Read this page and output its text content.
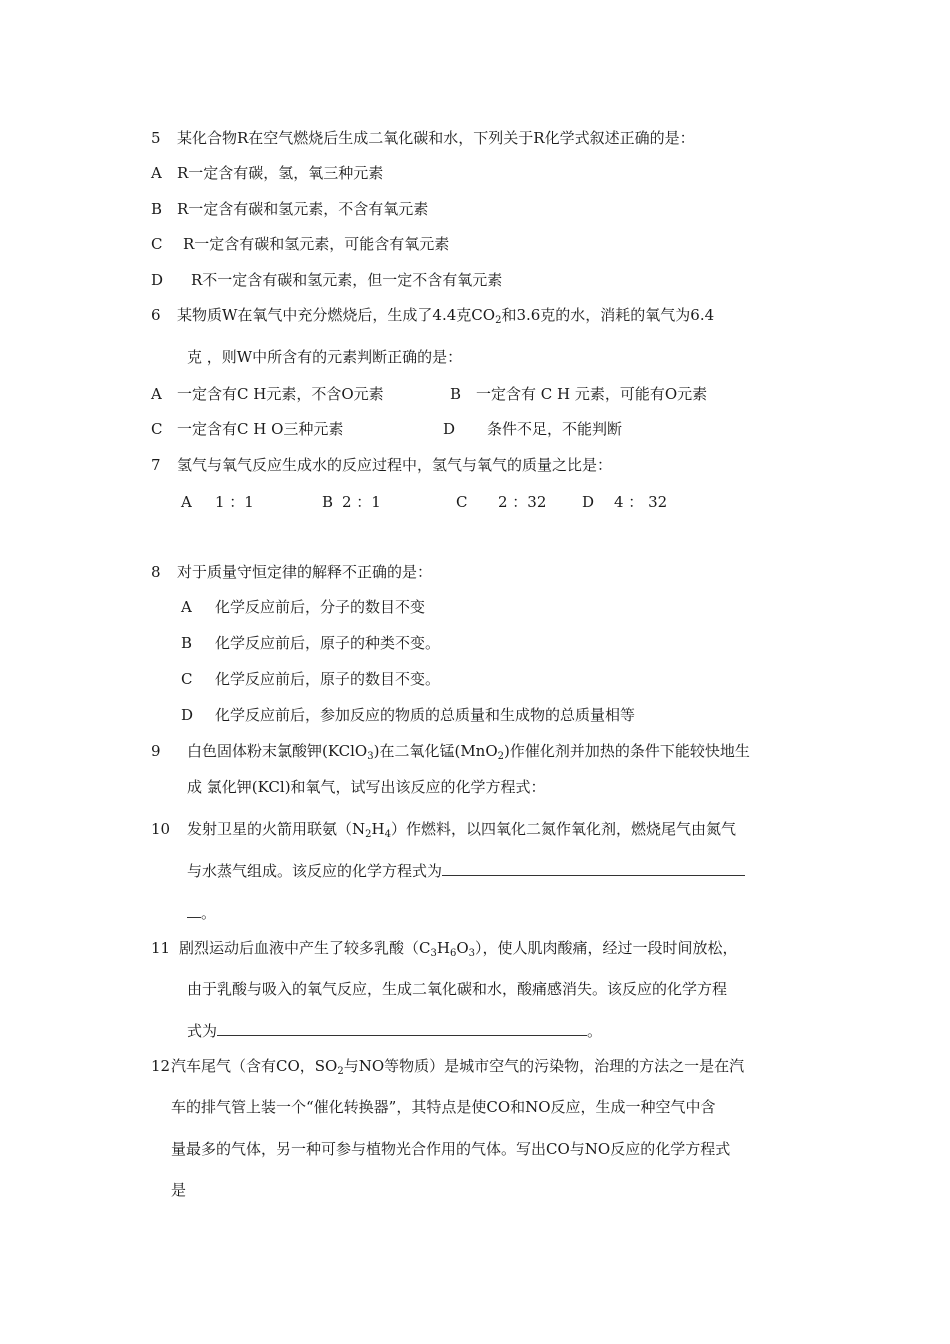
5 某化合物R在空气燃烧后生成二氧化碳和水，下列关于R化学式叙述正确的是：
A R一定含有碳，氢，氧三种元素
B R一定含有碳和氢元素，不含有氧元素
C R一定含有碳和氢元素，可能含有氧元素
D R不一定含有碳和氢元素，但一定不含有氧元素
6 某物质W在氧气中充分燃烧后，生成了4.4克$CO_2$和3.6克的水，消耗的氧气为6.4
克 ，则W中所含有的元素判断正确的是：
A 一定含有C H元素，不含O元素	B 一定含有 C H 元素，可能有O元素
C 一定含有C H O三种元素	D 条件不足，不能判断
7 氢气与氧气反应生成水的反应过程中，氢气与氧气的质量之比是：
A 1 ：1	B 2 ：1	C 2 ：32 D 4 ： 32
8 对于质量守恒定律的解释不正确的是：
A 化学反应前后，分子的数目不变
B 化学反应前后，原子的种类不变。
C 化学反应前后，原子的数目不变。
D 化学反应前后，参加反应的物质的总质量和生成物的总质量相等
9 白色固体粉末氯酸钾(KClO$_3$)在二氧化锰(MnO$_2$)作催化剂并加热的条件下能较快地生
成 氯化钾(KCl)和氧气，试写出该反应的化学方程式：
10 发射卫星的火箭用联氨$(N_2H_4)$作燃料，以四氧化二氮作氧化剂，燃烧尾气由氮气
与水蒸气组成。该反应的化学方程式为
。
11 剧烈运动后血液中产生了较多乳酸$(C_3H_6O_3)$，使人肌肉酸痛，经过一段时间放松，
由于乳酸与吸入的氧气反应，生成二氧化碳和水，酸痛感消失。该反应的化学方程
式为	。
12汽车尾气（含有CO，$SO_2$与NO等物质）是城市空气的污染物，治理的方法之一是在汽
车的排气管上装一个“催化转换器”，其特点是使CO和NO反应，生成一种空气中含
量最多的气体，另一种可参与植物光合作用的气体。写出CO与NO反应的化学方程式
是
